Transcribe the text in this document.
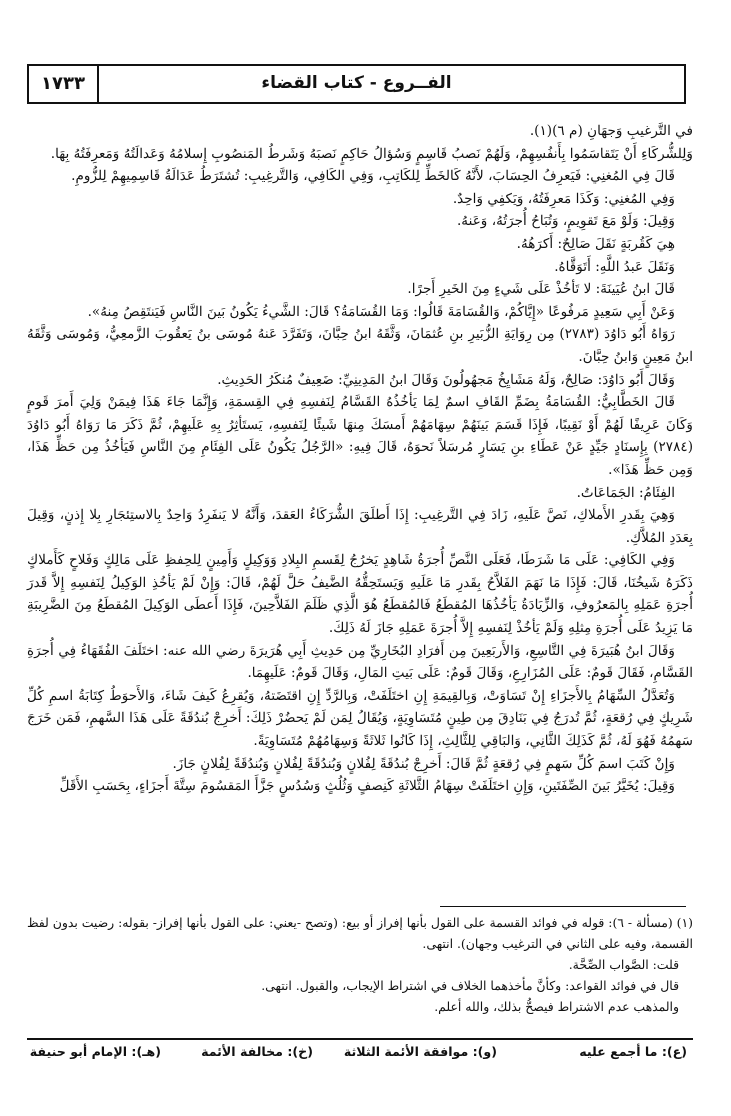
الفــروع - كتاب القضاء
١٧٣٣

في التَّرغيبِ وَجهَانِ (م ٦)(١).

وَلِلشُّركَاءِ أَنْ يَتَقاسَمُوا بِأَنفُسِهِمْ، وَلَهُمْ نَصبُ قَاسِمٍ وَسُؤالُ حَاكِمٍ نَصبَهُ وَشَرطُ المَنصُوبِ إِسلامُهُ وَعَدالَتُهُ وَمَعرِفَتُهُ بِهَا.

قَالَ فِي المُغنِي: فَيَعرِفُ الحِسَابَ، لأَنَّهُ كَالخَطِّ لِلكَاتِبِ، وَفِي الكَافِي، وَالتَّرغِيبِ: تُشتَرَطُ عَدَالَةُ قَاسِمِيهِمْ لِلزُّومِ.

وَفِي المُغنِي: وَكَذَا مَعرِفَتُهُ، وَيَكفِي وَاحِدٌ.

وَقِيلَ: وَلَوْ مَعَ تَقوِيمٍ، وَتُبَاحُ أُجرَتُهُ، وَعَنهُ.

هِيَ كَقُربَةٍ نَقَلَ صَالِحٌ: أَكرَهُهُ.

وَنَقَلَ عَبدُ اللَّهِ: أَتَوَقَّاهُ.

قَالَ ابنُ عُيَينَةَ: لا تَأخُذْ عَلَى شَيءٍ مِنَ الخَيرِ أَجرًا.

وَعَنْ أَبِي سَعِيدٍ مَرفُوعًا «إِيَّاكُمْ، وَالقُسَامَةَ قَالُوا: وَمَا القُسَامَةُ؟ قَالَ: الشَّيءُ يَكُونُ بَينَ النَّاسِ فَيَنتَقِصُ مِنهُ».

رَوَاهُ أَبُو دَاوُدَ (٢٧٨٣) مِن رِوَايَةِ الزُّبَيرِ بنِ عُثمَانَ، وَثَّقَهُ ابنُ حِبَّانَ، وَتَفَرَّدَ عَنهُ مُوسَى بنُ يَعقُوبَ الزَّمعِيُّ، وَمُوسَى وَثَّقَهُ ابنُ مَعِينٍ وَابنُ حِبَّانَ.

وَقَالَ أَبُو دَاوُدَ: صَالِحٌ، وَلَهُ مَشَايِخُ مَجهُولُونَ وَقَالَ ابنُ المَدِينِيِّ: ضَعِيفٌ مُنكَرُ الحَدِيثِ.

قَالَ الخَطَّابِيُّ: القُسَامَةُ بِضَمِّ القَافِ اسمٌ لِمَا يَأخُذُهُ القَسَّامُ لِنَفسِهِ فِي القِسمَةِ، وَإِنَّمَا جَاءَ هَذَا فِيمَنْ وَلِيَ أَمرَ قَومٍ وَكَانَ عَرِيفًا لَهُمْ أَوْ نَقِيبًا، فَإِذَا قَسَمَ بَينَهُمْ سِهَامَهُمْ أَمسَكَ مِنهَا شَيئًا لِنَفسِهِ، يَستَأثِرُ بِهِ عَلَيهِمْ، ثُمَّ ذَكَرَ مَا رَوَاهُ أَبُو دَاوُدَ (٢٧٨٤) بِإِسنَادٍ جَيِّدٍ عَنْ عَطَاءِ بنِ يَسَارٍ مُرسَلاً نَحوَهُ، قَالَ فِيهِ: «الرَّجُلُ يَكُونُ عَلَى الفِئَامِ مِنَ النَّاسِ فَيَأخُذُ مِن حَظِّ هَذَا، وَمِن حَظِّ هَذَا».

الفِئَامُ: الجَمَاعَاتُ.

وَهِيَ بِقَدرِ الأَملاكِ، نَصَّ عَلَيهِ، زَادَ فِي التَّرغِيبِ: إِذَا أَطلَقَ الشُّرَكَاءُ العَقدَ، وَأَنَّهُ لا يَنفَرِدُ وَاحِدٌ بِالاستِئجَارِ بِلا إِذنٍ، وَقِيلَ بِعَدَدِ المُلاَّكِ.

وَفِي الكَافِي: عَلَى مَا شَرَطَا، فَعَلَى النَّصِّ أُجرَةُ شَاهِدٍ يَخرُجُ لِقَسمِ البِلادِ وَوَكِيلٍ وَأَمِينٍ لِلحِفظِ عَلَى مَالِكٍ وَفَلاحٍ كَأَملاكٍ ذَكَرَهُ شَيخُنَا، قَالَ: فَإِذَا مَا نَهَمَ الفَلاَّحُ بِقَدرِ مَا عَلَيهِ وَيَستَحِقُّهُ الضَّيفُ حَلَّ لَهُمْ، قَالَ: وَإِنْ لَمْ يَأخُذِ الوَكِيلُ لِنَفسِهِ إِلاَّ قَدرَ أُجرَةِ عَمَلِهِ بِالمَعرُوفِ، وَالزِّيَادَةُ يَأخُذُهَا المُقطَعُ فَالمُقطَعُ هُوَ الَّذِي ظَلَمَ الفَلاَّحِينَ، فَإِذَا أَعطَى الوَكِيلَ المُقطَعُ مِنَ الضَّرِيبَةِ مَا يَزِيدُ عَلَى أُجرَةِ مِثلِهِ وَلَمْ يَأخُذْ لِنَفسِهِ إِلاَّ أُجرَةَ عَمَلِهِ جَازَ لَهُ ذَلِكَ.

وَقَالَ ابنُ هُبَيرَةَ فِي التَّاسِعِ، وَالأَربَعِينَ مِن أَفرَادِ البُخَارِيِّ مِن حَدِيثِ أَبِي هُرَيرَةَ رضي الله عنه: اختَلَفَ الفُقَهَاءُ فِي أُجرَةِ القَسَّامِ، فَقَالَ قَومٌ: عَلَى المُزَارِعِ، وَقَالَ قَومٌ: عَلَى بَيتِ المَالِ، وَقَالَ قَومٌ: عَلَيهِمَا.

وَتُعَدَّلُ السِّهَامُ بِالأَجزَاءِ إِنْ تَسَاوَتْ، وَبِالقِيمَةِ إِنِ اختَلَفَتْ، وَبِالرَّدِّ إِنِ اقتَضَتهُ، وَيُقرِعُ كَيفَ شَاءَ، وَالأَحوَطُ كِتَابَةُ اسمِ كُلِّ شَرِيكٍ فِي رُقعَةٍ، ثُمَّ تُدرَجُ فِي بَنَادِقَ مِن طِينٍ مُتَسَاوِيَةٍ، وَيُقَالُ لِمَن لَمْ يَحضُرْ ذَلِكَ: أَخرِجْ بُندُقَةً عَلَى هَذَا السَّهمِ، فَمَن خَرَجَ سَهمُهُ فَهُوَ لَهُ، ثُمَّ كَذَلِكَ الثَّانِي، وَالبَاقِي لِلثَّالِثِ، إِذَا كَانُوا ثَلاثَةً وَسِهَامُهُمْ مُتَسَاوِيَةً.

وَإِنْ كَتَبَ اسمَ كُلِّ سَهمٍ فِي رُقعَةٍ ثُمَّ قَالَ: أَخرِجْ بُندُقَةً لِفُلانٍ وَبُندُقَةً لِفُلانٍ وَبُندُقَةً لِفُلانٍ جَازَ.

وَقِيلَ: يُخَيَّرُ بَينَ الصِّفَتَينِ، وَإِنِ اختَلَفَتْ سِهَامُ الثَّلاثَةِ كَنِصفٍ وَثُلُثٍ وَسُدُسٍ جَزَّأَ المَقسُومَ سِتَّةَ أَجزَاءٍ، بِحَسَبِ الأَقَلِّ

(١) (مسألة - ٦): قوله في فوائد القسمة على القول بأنها إفراز أو بيع: (وتصح -يعني: على القول بأنها إفراز- بقوله: رضيت بدون لفظ القسمة، وفيه على الثاني في الترغيب وجهان). انتهى.

قلت: الصَّواب الصِّحَّة.

قال في فوائد القواعد: وكأنَّ مأخذهما الخلاف في اشتراط الإيجاب، والقبول. انتهى.

والمذهب عدم الاشتراط فيصحُّ بذلك، والله أعلم.

(ع): ما أجمع عليه
(و): موافقة الأئمة الثلاثة
(خ): مخالفة الأئمة
(هـ): الإمام أبو حنيفة
